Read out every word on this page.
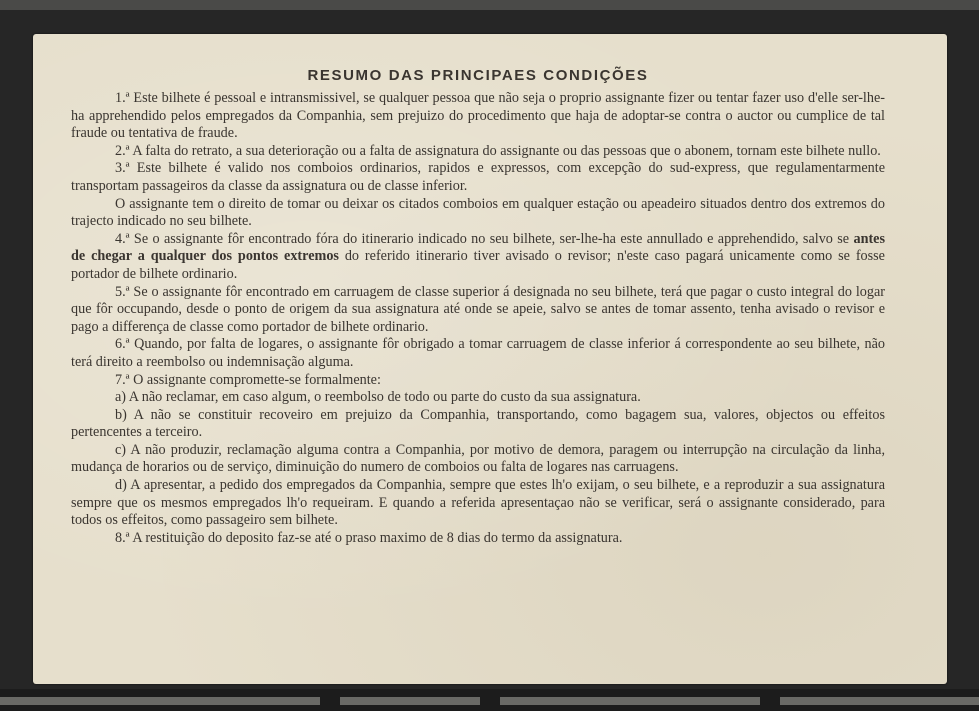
RESUMO DAS PRINCIPAES CONDIÇÕES

1.ª Este bilhete é pessoal e intransmissivel, se qualquer pessoa que não seja o proprio assignante fizer ou tentar fazer uso d'elle ser-lhe-ha apprehendido pelos empregados da Companhia, sem prejuizo do procedimento que haja de adoptar-se contra o auctor ou cumplice de tal fraude ou tentativa de fraude.

2.ª A falta do retrato, a sua deterioração ou a falta de assignatura do assignante ou das pessoas que o abonem, tornam este bilhete nullo.

3.ª Este bilhete é valido nos comboios ordinarios, rapidos e expressos, com excepção do sud-express, que regulamentarmente transportam passageiros da classe da assignatura ou de classe inferior.

O assignante tem o direito de tomar ou deixar os citados comboios em qualquer estação ou apeadeiro situados dentro dos extremos do trajecto indicado no seu bilhete.

4.ª Se o assignante fôr encontrado fóra do itinerario indicado no seu bilhete, ser-lhe-ha este annullado e apprehendido, salvo se antes de chegar a qualquer dos pontos extremos do referido itinerario tiver avisado o revisor; n'este caso pagará unicamente como se fosse portador de bilhete ordinario.

5.ª Se o assignante fôr encontrado em carruagem de classe superior á designada no seu bilhete, terá que pagar o custo integral do logar que fôr occupando, desde o ponto de origem da sua assignatura até onde se apeie, salvo se antes de tomar assento, tenha avisado o revisor e pago a differença de classe como portador de bilhete ordinario.

6.ª Quando, por falta de logares, o assignante fôr obrigado a tomar carruagem de classe inferior á correspondente ao seu bilhete, não terá direito a reembolso ou indemnisação alguma.

7.ª O assignante compromette-se formalmente:

a) A não reclamar, em caso algum, o reembolso de todo ou parte do custo da sua assignatura.

b) A não se constituir recoveiro em prejuizo da Companhia, transportando, como bagagem sua, valores, objectos ou effeitos pertencentes a terceiro.

c) A não produzir, reclamação alguma contra a Companhia, por motivo de demora, paragem ou interrupção na circulação da linha, mudança de horarios ou de serviço, diminuição do numero de comboios ou falta de logares nas carruagens.

d) A apresentar, a pedido dos empregados da Companhia, sempre que estes lh'o exijam, o seu bilhete, e a reproduzir a sua assignatura sempre que os mesmos empregados lh'o requeiram. E quando a referida apresentaçao não se verificar, será o assignante considerado, para todos os effeitos, como passageiro sem bilhete.

8.ª A restituição do deposito faz-se até o praso maximo de 8 dias do termo da assignatura.
